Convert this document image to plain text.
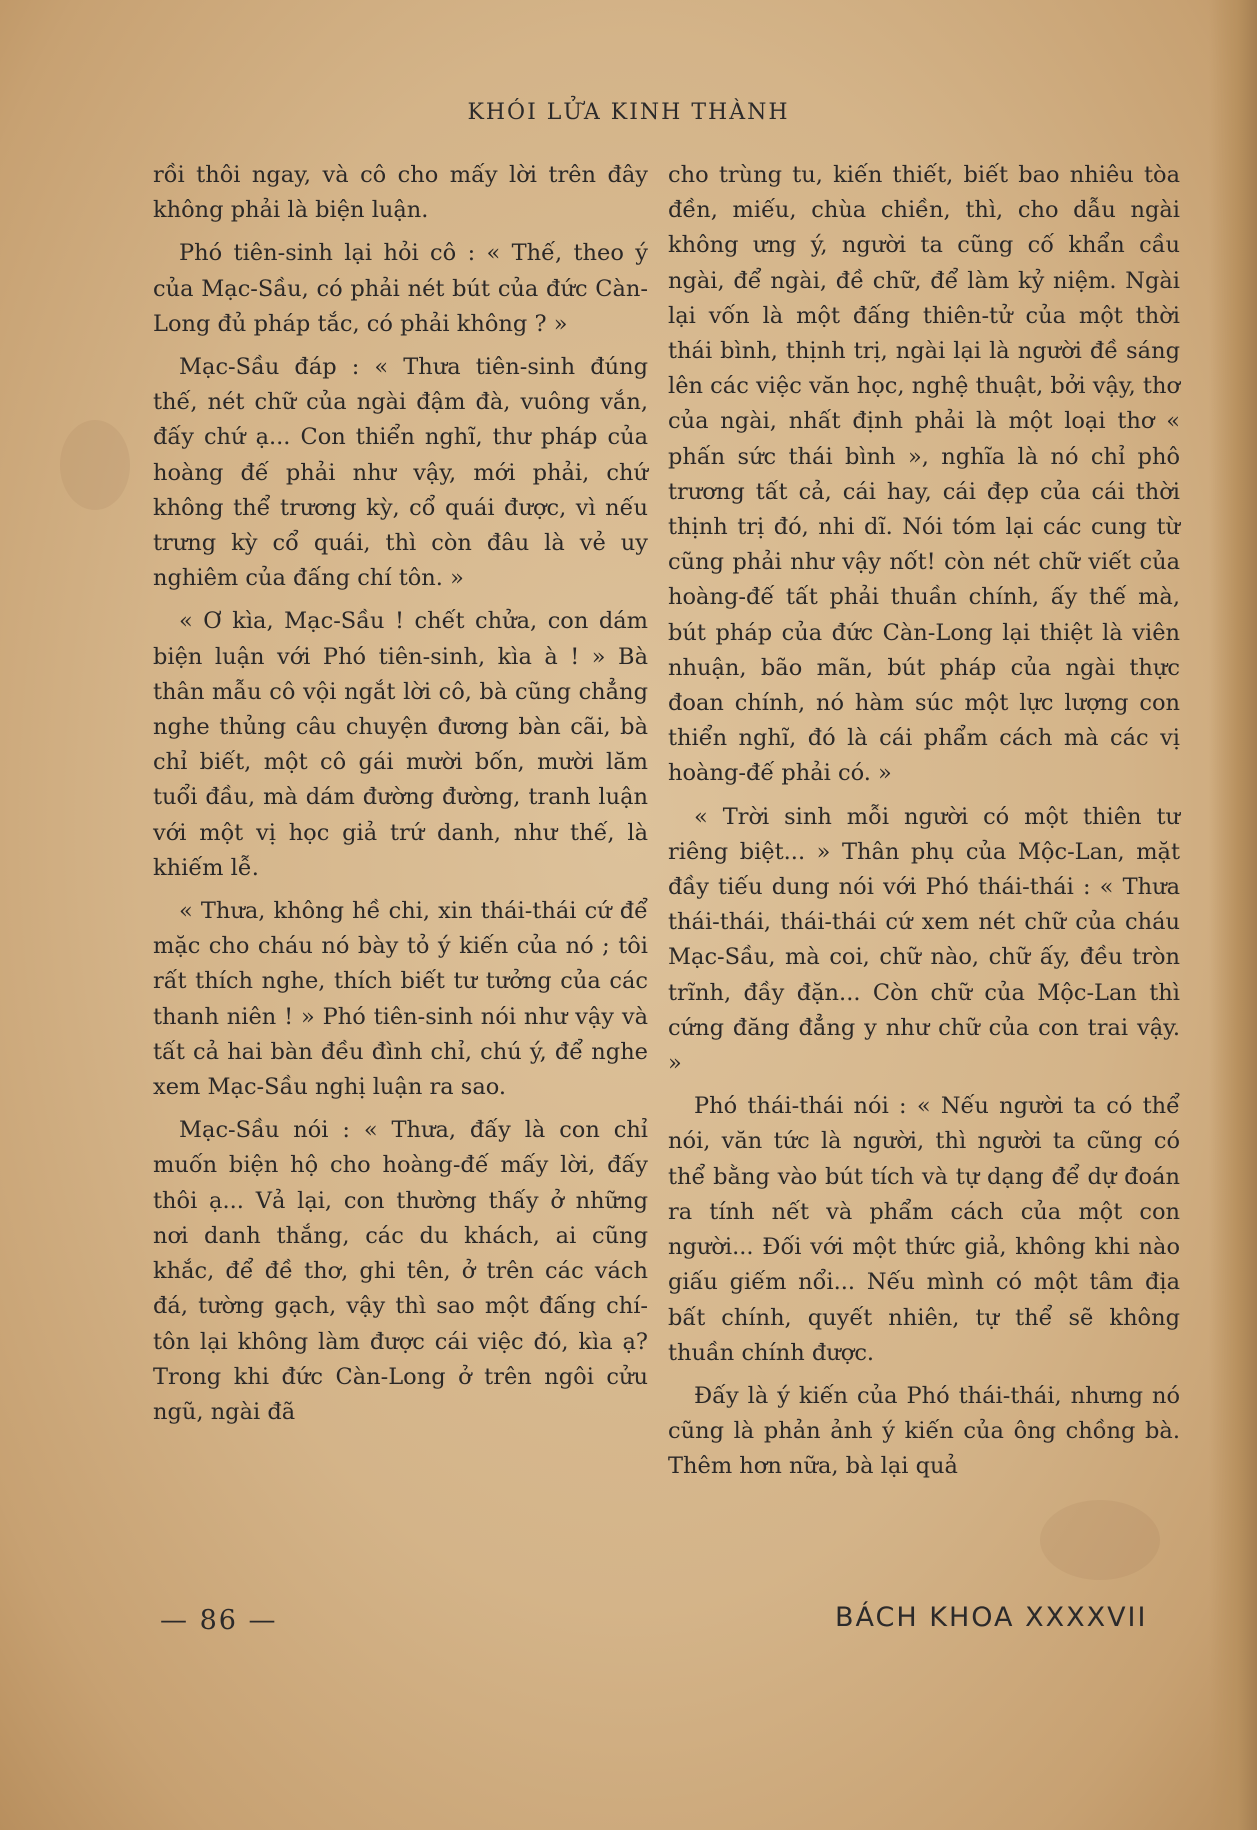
KHÓI LỬA KINH THÀNH

rồi thôi ngay, và cô cho mấy lời trên đây không phải là biện luận.

Phó tiên-sinh lại hỏi cô : « Thế, theo ý của Mạc-Sầu, có phải nét bút của đức Càn-Long đủ pháp tắc, có phải không ? »

Mạc-Sầu đáp : « Thưa tiên-sinh đúng thế, nét chữ của ngài đậm đà, vuông vắn, đấy chứ ạ... Con thiển nghĩ, thư pháp của hoàng đế phải như vậy, mới phải, chứ không thể trương kỳ, cổ quái được, vì nếu trưng kỳ cổ quái, thì còn đâu là vẻ uy nghiêm của đấng chí tôn. »

« Ơ kìa, Mạc-Sầu ! chết chửa, con dám biện luận với Phó tiên-sinh, kìa à ! » Bà thân mẫu cô vội ngắt lời cô, bà cũng chẳng nghe thủng câu chuyện đương bàn cãi, bà chỉ biết, một cô gái mười bốn, mười lăm tuổi đầu, mà dám đường đường, tranh luận với một vị học giả trứ danh, như thế, là khiếm lễ.

« Thưa, không hề chi, xin thái-thái cứ để mặc cho cháu nó bày tỏ ý kiến của nó ; tôi rất thích nghe, thích biết tư tưởng của các thanh niên ! » Phó tiên-sinh nói như vậy và tất cả hai bàn đều đình chỉ, chú ý, để nghe xem Mạc-Sầu nghị luận ra sao.

Mạc-Sầu nói : « Thưa, đấy là con chỉ muốn biện hộ cho hoàng-đế mấy lời, đấy thôi ạ... Vả lại, con thường thấy ở những nơi danh thắng, các du khách, ai cũng khắc, để đề thơ, ghi tên, ở trên các vách đá, tường gạch, vậy thì sao một đấng chí-tôn lại không làm được cái việc đó, kìa ạ? Trong khi đức Càn-Long ở trên ngôi cửu ngũ, ngài đã

cho trùng tu, kiến thiết, biết bao nhiêu tòa đền, miếu, chùa chiền, thì, cho dẫu ngài không ưng ý, người ta cũng cố khẩn cầu ngài, để ngài, đề chữ, để làm kỷ niệm. Ngài lại vốn là một đấng thiên-tử của một thời thái bình, thịnh trị, ngài lại là người đề sáng lên các việc văn học, nghệ thuật, bởi vậy, thơ của ngài, nhất định phải là một loại thơ « phấn sức thái bình », nghĩa là nó chỉ phô trương tất cả, cái hay, cái đẹp của cái thời thịnh trị đó, nhi dĩ. Nói tóm lại các cung từ cũng phải như vậy nốt! còn nét chữ viết của hoàng-đế tất phải thuần chính, ấy thế mà, bút pháp của đức Càn-Long lại thiệt là viên nhuận, bão mãn, bút pháp của ngài thực đoan chính, nó hàm súc một lực lượng con thiển nghĩ, đó là cái phẩm cách mà các vị hoàng-đế phải có. »

« Trời sinh mỗi người có một thiên tư riêng biệt... » Thân phụ của Mộc-Lan, mặt đầy tiếu dung nói với Phó thái-thái : « Thưa thái-thái, thái-thái cứ xem nét chữ của cháu Mạc-Sầu, mà coi, chữ nào, chữ ấy, đều tròn trĩnh, đầy đặn... Còn chữ của Mộc-Lan thì cứng đăng đẳng y như chữ của con trai vậy. »

Phó thái-thái nói : « Nếu người ta có thể nói, văn tức là người, thì người ta cũng có thể bằng vào bút tích và tự dạng để dự đoán ra tính nết và phẩm cách của một con người... Đối với một thức giả, không khi nào giấu giếm nổi... Nếu mình có một tâm địa bất chính, quyết nhiên, tự thể sẽ không thuần chính được.

Đấy là ý kiến của Phó thái-thái, nhưng nó cũng là phản ảnh ý kiến của ông chồng bà. Thêm hơn nữa, bà lại quả

— 86 —	BÁCH KHOA XXXXVII
